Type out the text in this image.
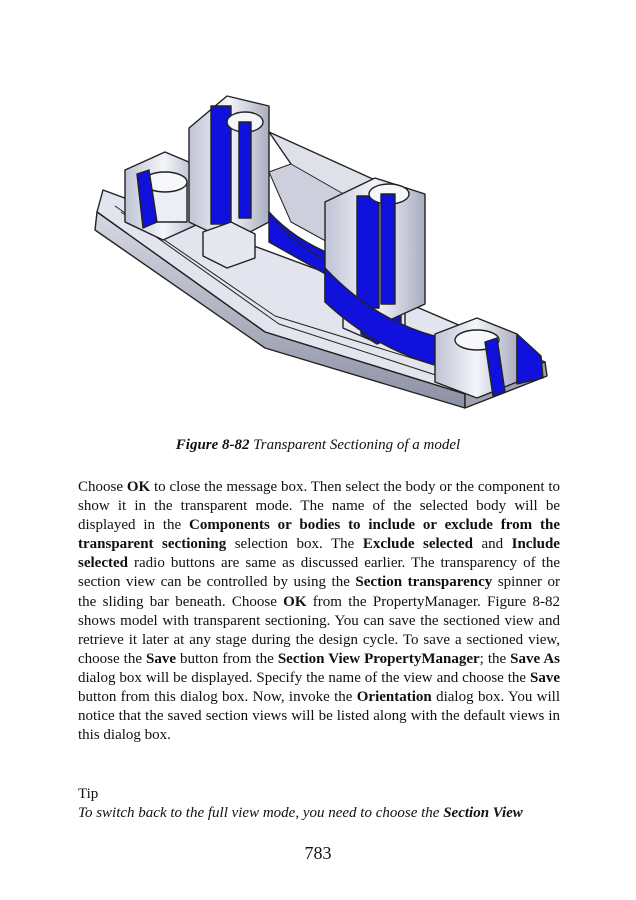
Figure 8-82 Transparent Sectioning of a model

Choose OK to close the message box. Then select the body or the component to show it in the transparent mode. The name of the selected body will be displayed in the Components or bodies to include or exclude from the transparent sectioning selection box. The Exclude selected and Include selected radio buttons are same as discussed earlier. The transparency of the section view can be controlled by using the Section transparency spinner or the sliding bar beneath. Choose OK from the PropertyManager. Figure 8-82 shows model with transparent sectioning. You can save the sectioned view and retrieve it later at any stage during the design cycle. To save a sectioned view, choose the Save button from the Section View PropertyManager; the Save As dialog box will be displayed. Specify the name of the view and choose the Save button from this dialog box. Now, invoke the Orientation dialog box. You will notice that the saved section views will be listed along with the default views in this dialog box.

Tip
To switch back to the full view mode, you need to choose the Section View
783
